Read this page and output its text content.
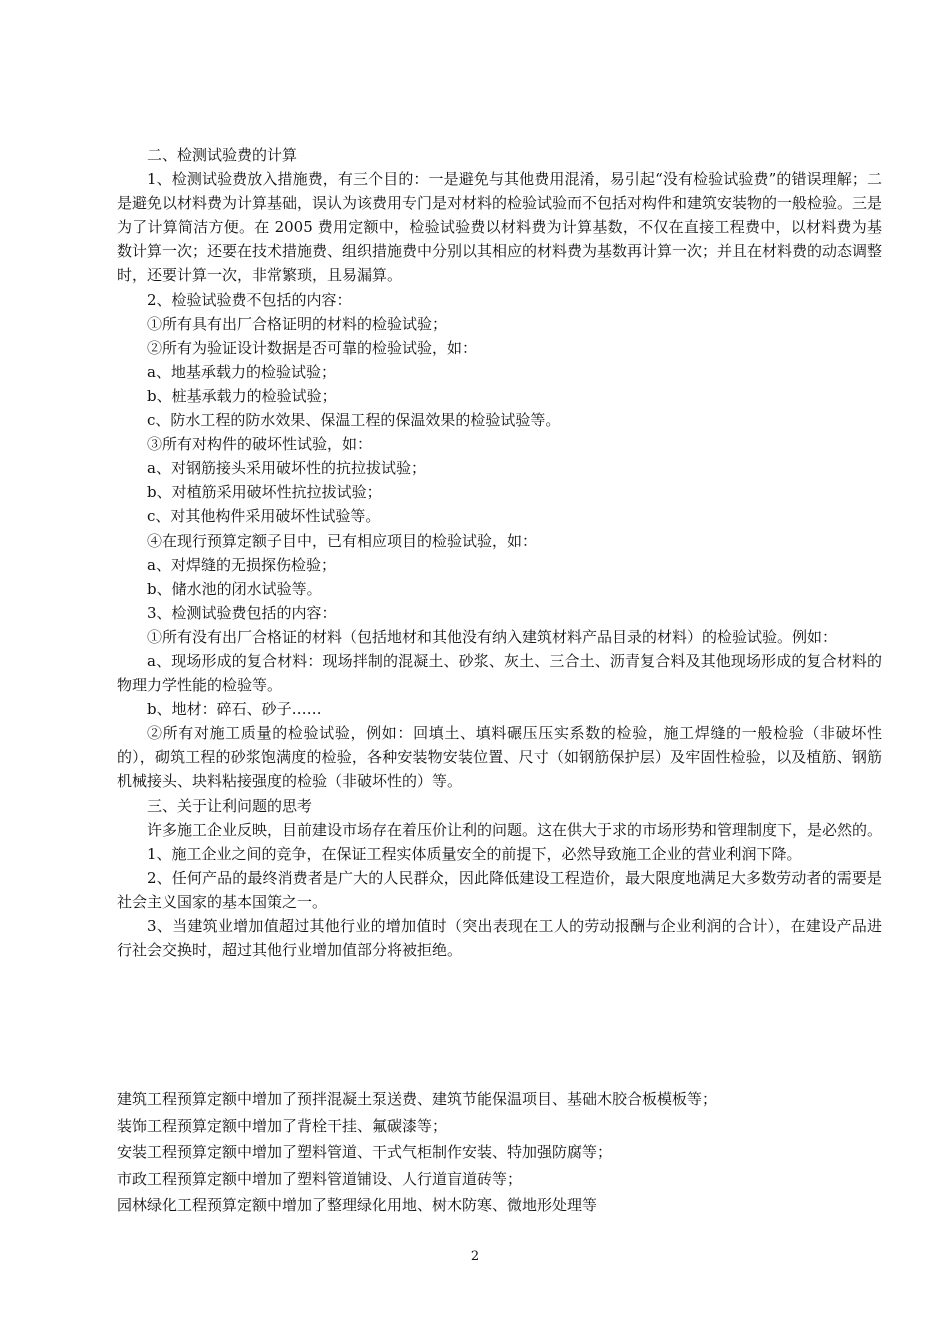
二、检测试验费的计算

1、检测试验费放入措施费，有三个目的：一是避免与其他费用混淆，易引起“没有检验试验费”的错误理解；二是避免以材料费为计算基础，误认为该费用专门是对材料的检验试验而不包括对构件和建筑安装物的一般检验。三是为了计算简洁方便。在 2005 费用定额中，检验试验费以材料费为计算基数，不仅在直接工程费中，以材料费为基数计算一次；还要在技术措施费、组织措施费中分别以其相应的材料费为基数再计算一次；并且在材料费的动态调整时，还要计算一次，非常繁琐，且易漏算。

2、检验试验费不包括的内容：

①所有具有出厂合格证明的材料的检验试验；

②所有为验证设计数据是否可靠的检验试验，如：

a、地基承载力的检验试验；

b、桩基承载力的检验试验；

c、防水工程的防水效果、保温工程的保温效果的检验试验等。

③所有对构件的破坏性试验，如：

a、对钢筋接头采用破坏性的抗拉拔试验；

b、对植筋采用破坏性抗拉拔试验；

c、对其他构件采用破坏性试验等。

④在现行预算定额子目中，已有相应项目的检验试验，如：

a、对焊缝的无损探伤检验；

b、储水池的闭水试验等。

3、检测试验费包括的内容：

①所有没有出厂合格证的材料（包括地材和其他没有纳入建筑材料产品目录的材料）的检验试验。例如：

a、现场形成的复合材料：现场拌制的混凝土、砂浆、灰土、三合土、沥青复合料及其他现场形成的复合材料的物理力学性能的检验等。

b、地材：碎石、砂子……

②所有对施工质量的检验试验，例如：回填土、填料碾压压实系数的检验，施工焊缝的一般检验（非破坏性的），砌筑工程的砂浆饱满度的检验，各种安装物安装位置、尺寸（如钢筋保护层）及牢固性检验，以及植筋、钢筋机械接头、块料粘接强度的检验（非破坏性的）等。

三、关于让利问题的思考

许多施工企业反映，目前建设市场存在着压价让利的问题。这在供大于求的市场形势和管理制度下，是必然的。

1、施工企业之间的竞争，在保证工程实体质量安全的前提下，必然导致施工企业的营业利润下降。

2、任何产品的最终消费者是广大的人民群众，因此降低建设工程造价，最大限度地满足大多数劳动者的需要是社会主义国家的基本国策之一。

3、当建筑业增加值超过其他行业的增加值时（突出表现在工人的劳动报酬与企业利润的合计），在建设产品进行社会交换时，超过其他行业增加值部分将被拒绝。

建筑工程预算定额中增加了预拌混凝土泵送费、建筑节能保温项目、基础木胶合板模板等；

装饰工程预算定额中增加了背栓干挂、氟碳漆等；

安装工程预算定额中增加了塑料管道、干式气柜制作安装、特加强防腐等；

市政工程预算定额中增加了塑料管道铺设、人行道盲道砖等；

园林绿化工程预算定额中增加了整理绿化用地、树木防寒、微地形处理等

2
